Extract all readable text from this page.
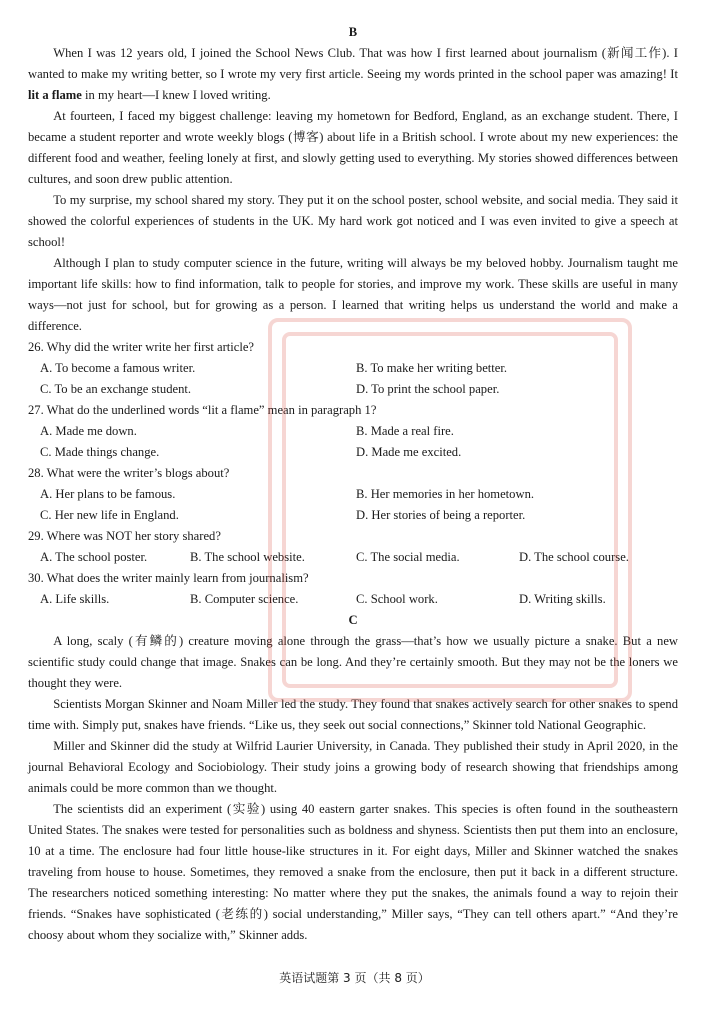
B

When I was 12 years old, I joined the School News Club. That was how I first learned about journalism (新闻工作). I wanted to make my writing better, so I wrote my very first article. Seeing my words printed in the school paper was amazing! It lit a flame in my heart—I knew I loved writing.

At fourteen, I faced my biggest challenge: leaving my hometown for Bedford, England, as an exchange student. There, I became a student reporter and wrote weekly blogs (博客) about life in a British school. I wrote about my new experiences: the different food and weather, feeling lonely at first, and slowly getting used to everything. My stories showed differences between cultures, and soon drew public attention.

To my surprise, my school shared my story. They put it on the school poster, school website, and social media. They said it showed the colorful experiences of students in the UK. My hard work got noticed and I was even invited to give a speech at school!

Although I plan to study computer science in the future, writing will always be my beloved hobby. Journalism taught me important life skills: how to find information, talk to people for stories, and improve my work. These skills are useful in many ways—not just for school, but for growing as a person. I learned that writing helps us understand the world and make a difference.

26. Why did the writer write her first article?
A. To become a famous writer.	B. To make her writing better.
C. To be an exchange student.	D. To print the school paper.
27. What do the underlined words “lit a flame” mean in paragraph 1?
A. Made me down.	B. Made a real fire.
C. Made things change.	D. Made me excited.
28. What were the writer’s blogs about?
A. Her plans to be famous.	B. Her memories in her hometown.
C. Her new life in England.	D. Her stories of being a reporter.
29. Where was NOT her story shared?
A. The school poster.	B. The school website.	C. The social media.	D. The school course.
30. What does the writer mainly learn from journalism?
A. Life skills.	B. Computer science.	C. School work.	D. Writing skills.
C

A long, scaly (有鳞的) creature moving alone through the grass—that’s how we usually picture a snake. But a new scientific study could change that image. Snakes can be long. And they’re certainly smooth. But they may not be the loners we thought they were.

Scientists Morgan Skinner and Noam Miller led the study. They found that snakes actively search for other snakes to spend time with. Simply put, snakes have friends. “Like us, they seek out social connections,” Skinner told National Geographic.

Miller and Skinner did the study at Wilfrid Laurier University, in Canada. They published their study in April 2020, in the journal Behavioral Ecology and Sociobiology. Their study joins a growing body of research showing that friendships among animals could be more common than we thought.

The scientists did an experiment (实验) using 40 eastern garter snakes. This species is often found in the southeastern United States. The snakes were tested for personalities such as boldness and shyness. Scientists then put them into an enclosure, 10 at a time. The enclosure had four little house-like structures in it. For eight days, Miller and Skinner watched the snakes traveling from house to house. Sometimes, they removed a snake from the enclosure, then put it back in a different structure. The researchers noticed something interesting: No matter where they put the snakes, the animals found a way to rejoin their friends. “Snakes have sophisticated (老练的) social understanding,” Miller says, “They can tell others apart.” “And they’re choosy about whom they socialize with,” Skinner adds.

英语试题第 3 页（共 8 页）
